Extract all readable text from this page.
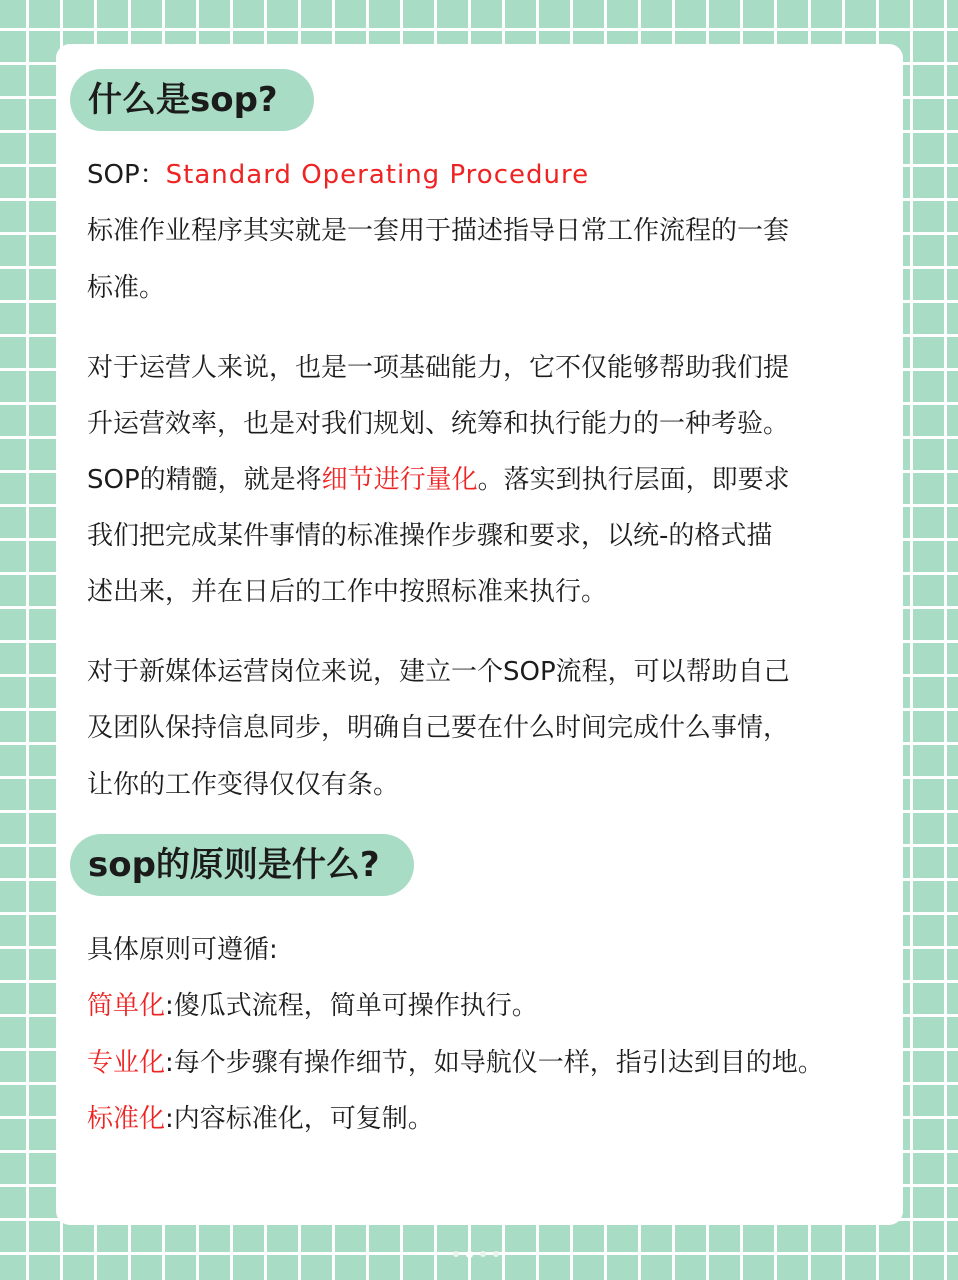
什么是sop?
SOP：Standard Operating Procedure
标准作业程序其实就是一套用于描述指导日常工作流程的一套
标准。
对于运营人来说，也是一项基础能力，它不仅能够帮助我们提
升运营效率，也是对我们规划、统筹和执行能力的一种考验。
SOP的精髓，就是将细节进行量化。落实到执行层面，即要求
我们把完成某件事情的标准操作步骤和要求，以统-的格式描
述出来，并在日后的工作中按照标准来执行。
对于新媒体运营岗位来说，建立一个SOP流程，可以帮助自己
及团队保持信息同步，明确自己要在什么时间完成什么事情，
让你的工作变得仅仅有条。
sop的原则是什么?
具体原则可遵循:
简单化:傻瓜式流程，简单可操作执行。
专业化:每个步骤有操作细节，如导航仪一样，指引达到目的地。
标准化:内容标准化，可复制。
